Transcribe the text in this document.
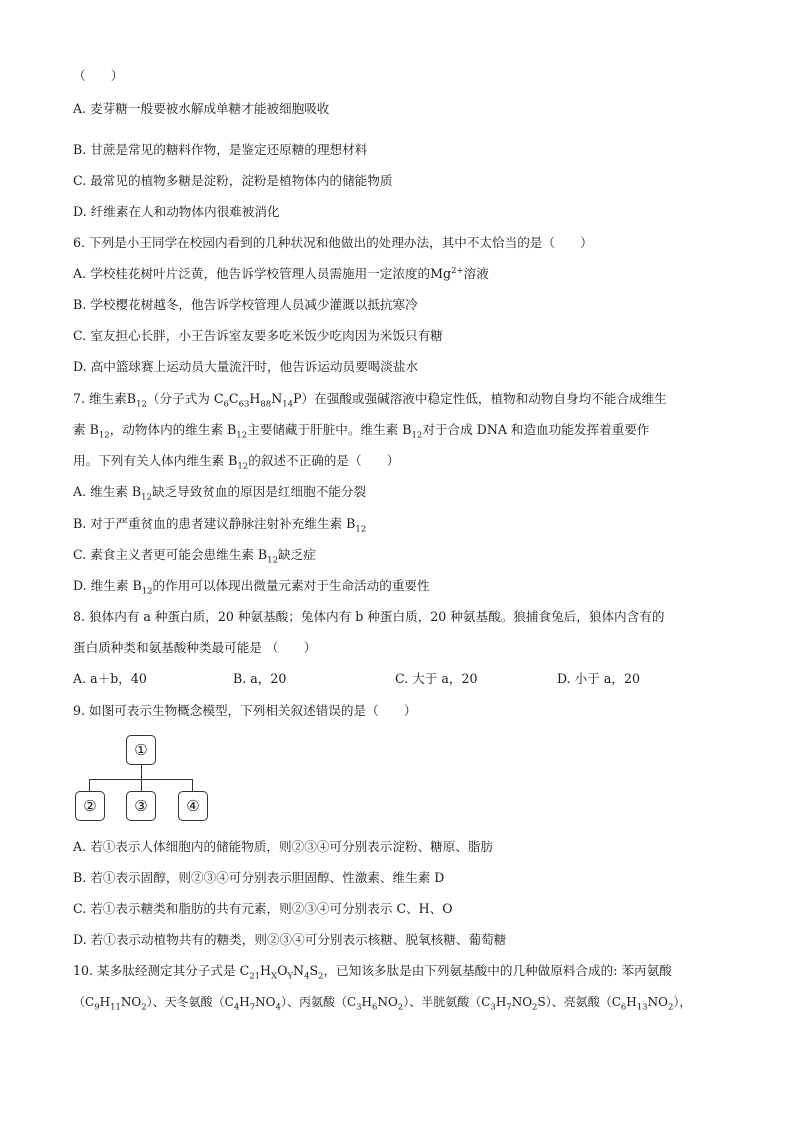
（　　）
A. 麦芽糖一般要被水解成单糖才能被细胞吸收
B. 甘蔗是常见的糖料作物，是鉴定还原糖的理想材料
C. 最常见的植物多糖是淀粉，淀粉是植物体内的储能物质
D. 纤维素在人和动物体内很难被消化
6. 下列是小王同学在校园内看到的几种状况和他做出的处理办法，其中不太恰当的是（　　）
A. 学校桂花树叶片泛黄，他告诉学校管理人员需施用一定浓度的$Mg^{2+}$溶液
B. 学校樱花树越冬，他告诉学校管理人员减少灌溉以抵抗寒冷
C. 室友担心长胖，小王告诉室友要多吃米饭少吃肉因为米饭只有糖
D. 高中篮球赛上运动员大量流汗时，他告诉运动员要喝淡盐水
7. 维生素$B_{12}$（分子式为 $C_6C_{63}H_{88}N_{14}P$）在强酸或强碱溶液中稳定性低，植物和动物自身均不能合成维生
素 $B_{12}$，动物体内的维生素 $B_{12}$主要储藏于肝脏中。维生素 $B_{12}$对于合成 DNA 和造血功能发挥着重要作
用。下列有关人体内维生素 $B_{12}$的叙述不正确的是（　　）
A. 维生素 $B_{12}$缺乏导致贫血的原因是红细胞不能分裂
B. 对于严重贫血的患者建议静脉注射补充维生素 $B_{12}$
C. 素食主义者更可能会患维生素 $B_{12}$缺乏症
D. 维生素 $B_{12}$的作用可以体现出微量元素对于生命活动的重要性
8. 狼体内有 a 种蛋白质，20 种氨基酸；兔体内有 b 种蛋白质，20 种氨基酸。狼捕食兔后，狼体内含有的
蛋白质种类和氨基酸种类最可能是 （　　）
A. a＋b，40	B. a，20	C. 大于 a，20	D. 小于 a，20
9. 如图可表示生物概念模型，下列相关叙述错误的是（　　）
①
②	③	④
A. 若①表示人体细胞内的储能物质，则②③④可分别表示淀粉、糖原、脂肪
B. 若①表示固醇，则②③④可分别表示胆固醇、性激素、维生素 D
C. 若①表示糖类和脂肪的共有元素，则②③④可分别表示 C、H、O
D. 若①表示动植物共有的糖类，则②③④可分别表示核糖、脱氧核糖、葡萄糖
10. 某多肽经测定其分子式是 $C_{21}H_XO_YN_4S_2$，已知该多肽是由下列氨基酸中的几种做原料合成的: 苯丙氨酸
$(C_9H_{11}NO_2)$、天冬氨酸$(C_4H_7NO_4)$、丙氨酸$(C_3H_6NO_2)$、半胱氨酸$(C_3H_7NO_2S)$、亮氨酸$(C_6H_{13}NO_2)$，
